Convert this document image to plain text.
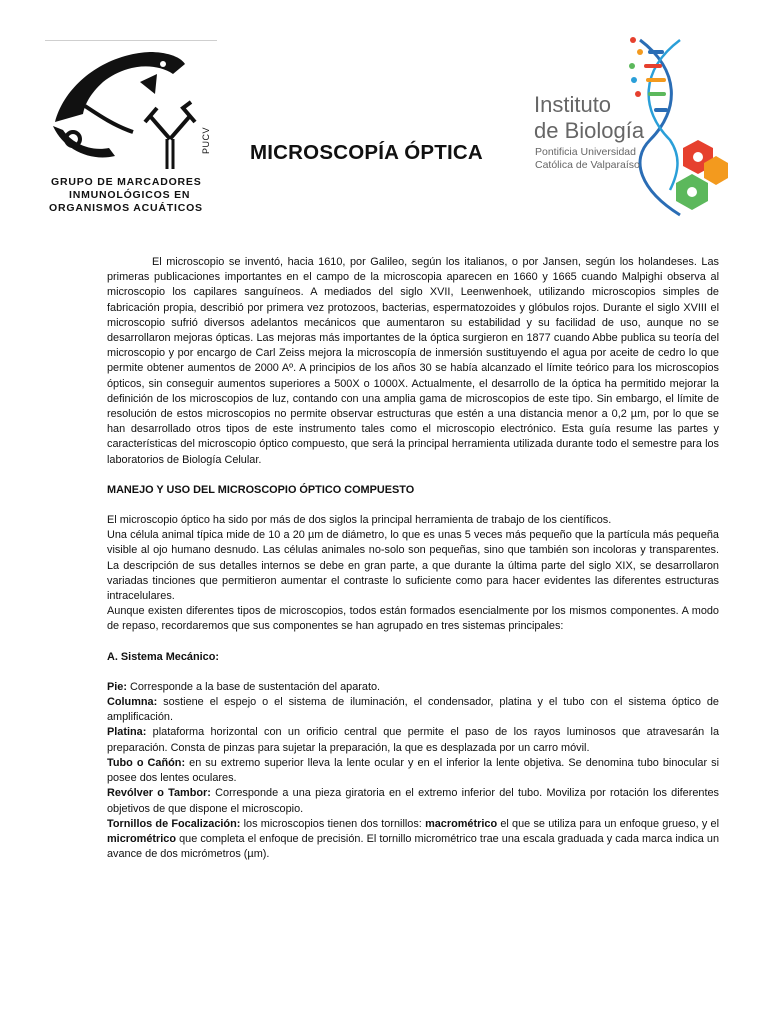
PUCV
GRUPO DE MARCADORES
INMUNOLÓGICOS EN
ORGANISMOS ACUÁTICOS
MICROSCOPÍA ÓPTICA
Instituto
de Biología
Pontificia Universidad
Católica de Valparaíso

El microscopio se inventó, hacia 1610, por Galileo, según los italianos, o por Jansen, según los holandeses. Las primeras publicaciones importantes en el campo de la microscopia aparecen en 1660 y 1665 cuando Malpighi observa al microscopio los capilares sanguíneos. A mediados del siglo XVII, Leenwenhoek, utilizando microscopios simples de fabricación propia, describió por primera vez protozoos, bacterias, espermatozoides y glóbulos rojos. Durante el siglo XVIII el microscopio sufrió diversos adelantos mecánicos que aumentaron su estabilidad y su facilidad de uso, aunque no se desarrollaron mejoras ópticas. Las mejoras más importantes de la óptica surgieron en 1877 cuando Abbe publica su teoría del microscopio y por encargo de Carl Zeiss mejora la microscopía de inmersión sustituyendo el agua por aceite de cedro lo que permite obtener aumentos de 2000 Aº. A principios de los años 30 se había alcanzado el límite teórico para los microscopios ópticos, sin conseguir aumentos superiores a 500X o 1000X. Actualmente, el desarrollo de la óptica ha permitido mejorar la definición de los microscopios de luz, contando con una amplia gama de microscopios de este tipo. Sin embargo, el límite de resolución de estos microscopios no permite observar estructuras que estén a una distancia menor a 0,2 µm, por lo que se han desarrollado otros tipos de este instrumento tales como el microscopio electrónico. Esta guía resume las partes y características del microscopio óptico compuesto, que será la principal herramienta utilizada durante todo el semestre para los laboratorios de Biología Celular.

MANEJO Y USO DEL MICROSCOPIO ÓPTICO COMPUESTO

El microscopio óptico ha sido por más de dos siglos la principal herramienta de trabajo de los científicos.

Una célula animal típica mide de 10 a 20 µm de diámetro, lo que es unas 5 veces más pequeño que la partícula más pequeña visible al ojo humano desnudo. Las células animales no-solo son pequeñas, sino que también son incoloras y transparentes. La descripción de sus detalles internos se debe en gran parte, a que durante la última parte del siglo XIX, se desarrollaron variadas tinciones que permitieron aumentar el contraste lo suficiente como para hacer evidentes las diferentes estructuras intracelulares.

Aunque existen diferentes tipos de microscopios, todos están formados esencialmente por los mismos componentes. A modo de repaso, recordaremos que sus componentes se han agrupado en tres sistemas principales:

A. Sistema Mecánico:

Pie: Corresponde a la base de sustentación del aparato.

Columna: sostiene el espejo o el sistema de iluminación, el condensador, platina y el tubo con el sistema óptico de amplificación.

Platina: plataforma horizontal con un orificio central que permite el paso de los rayos luminosos que atravesarán la preparación. Consta de pinzas para sujetar la preparación, la que es desplazada por un carro móvil.

Tubo o Cañón: en su extremo superior lleva la lente ocular y en el inferior la lente objetiva. Se denomina tubo binocular si posee dos lentes oculares.

Revólver o Tambor: Corresponde a una pieza giratoria en el extremo inferior del tubo. Moviliza por rotación los diferentes objetivos de que dispone el microscopio.

Tornillos de Focalización: los microscopios tienen dos tornillos: macrométrico el que se utiliza para un enfoque grueso, y el micrométrico que completa el enfoque de precisión. El tornillo micrométrico trae una escala graduada y cada marca indica un avance de dos micrómetros (µm).
